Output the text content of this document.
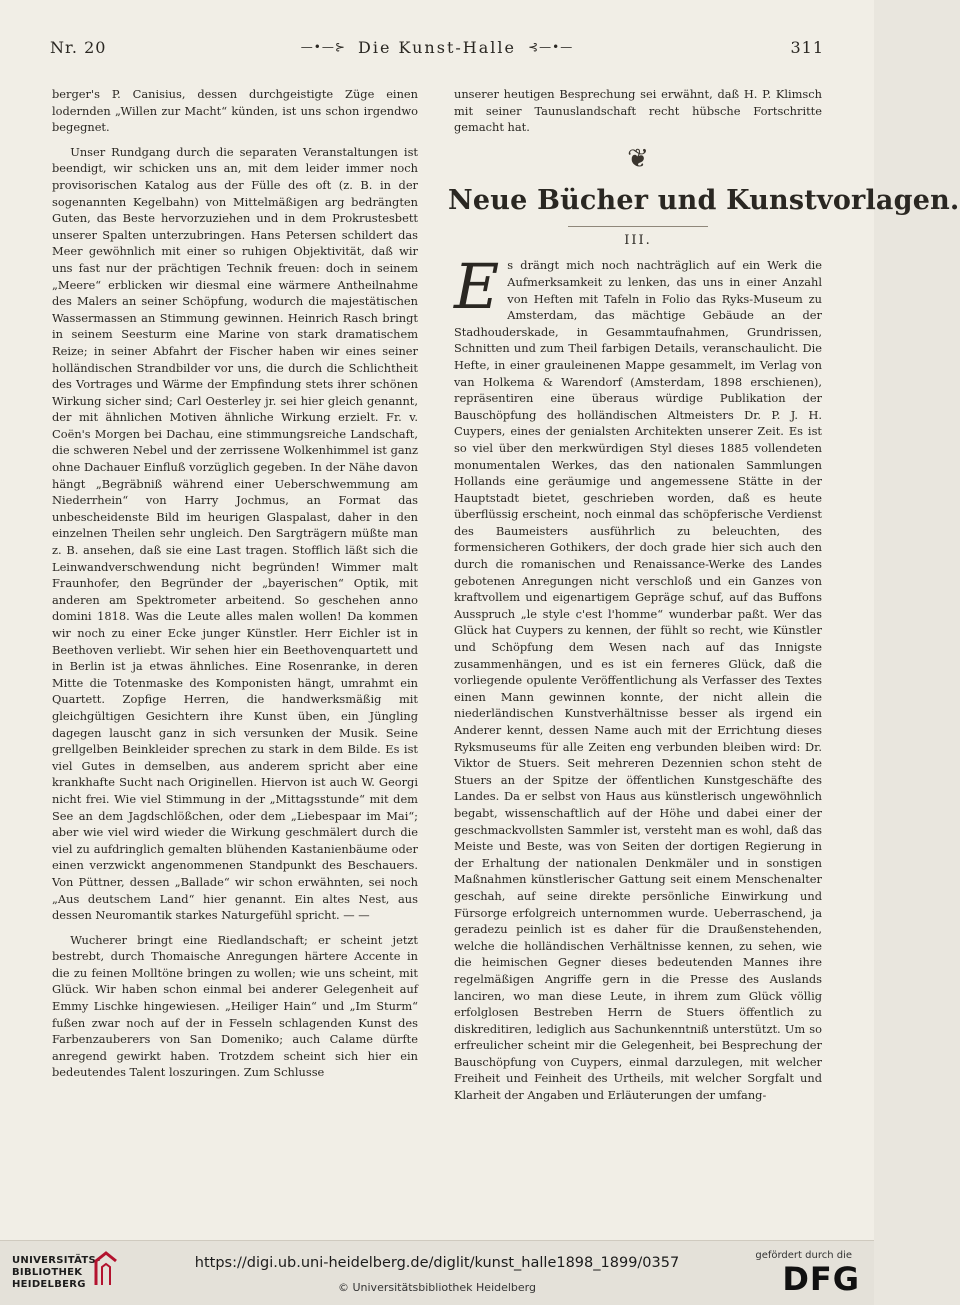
Nr. 20	—•—⊱ Die Kunst-Halle ⊰—•—	311

berger's P. Canisius, dessen durchgeistigte Züge einen lodernden „Willen zur Macht“ künden, ist uns schon irgendwo begegnet.

Unser Rundgang durch die separaten Veranstaltungen ist beendigt, wir schicken uns an, mit dem leider immer noch provisorischen Katalog aus der Fülle des oft (z. B. in der sogenannten Kegelbahn) von Mittelmäßigen arg bedrängten Guten, das Beste hervorzuziehen und in dem Prokrustesbett unserer Spalten unterzubringen. Hans Petersen schildert das Meer gewöhnlich mit einer so ruhigen Objektivität, daß wir uns fast nur der prächtigen Technik freuen: doch in seinem „Meere“ erblicken wir diesmal eine wärmere Antheilnahme des Malers an seiner Schöpfung, wodurch die majestätischen Wassermassen an Stimmung gewinnen. Heinrich Rasch bringt in seinem Seesturm eine Marine von stark dramatischem Reize; in seiner Abfahrt der Fischer haben wir eines seiner holländischen Strandbilder vor uns, die durch die Schlichtheit des Vortrages und Wärme der Empfindung stets ihrer schönen Wirkung sicher sind; Carl Oesterley jr. sei hier gleich genannt, der mit ähnlichen Motiven ähnliche Wirkung erzielt. Fr. v. Coën's Morgen bei Dachau, eine stimmungsreiche Landschaft, die schweren Nebel und der zerrissene Wolkenhimmel ist ganz ohne Dachauer Einfluß vorzüglich gegeben. In der Nähe davon hängt „Begräbniß während einer Ueberschwemmung am Niederrhein“ von Harry Jochmus, an Format das unbescheidenste Bild im heurigen Glaspalast, daher in den einzelnen Theilen sehr ungleich. Den Sargträgern müßte man z. B. ansehen, daß sie eine Last tragen. Stofflich läßt sich die Leinwandverschwendung nicht begründen! Wimmer malt Fraunhofer, den Begründer der „bayerischen“ Optik, mit anderen am Spektrometer arbeitend. So geschehen anno domini 1818. Was die Leute alles malen wollen! Da kommen wir noch zu einer Ecke junger Künstler. Herr Eichler ist in Beethoven verliebt. Wir sehen hier ein Beethovenquartett und in Berlin ist ja etwas ähnliches. Eine Rosenranke, in deren Mitte die Totenmaske des Komponisten hängt, umrahmt ein Quartett. Zopfige Herren, die handwerksmäßig mit gleichgültigen Gesichtern ihre Kunst üben, ein Jüngling dagegen lauscht ganz in sich versunken der Musik. Seine grellgelben Beinkleider sprechen zu stark in dem Bilde. Es ist viel Gutes in demselben, aus anderem spricht aber eine krankhafte Sucht nach Originellen. Hiervon ist auch W. Georgi nicht frei. Wie viel Stimmung in der „Mittagsstunde“ mit dem See an dem Jagdschlößchen, oder dem „Liebespaar im Mai“; aber wie viel wird wieder die Wirkung geschmälert durch die viel zu aufdringlich gemalten blühenden Kastanienbäume oder einen verzwickt angenommenen Standpunkt des Beschauers. Von Püttner, dessen „Ballade“ wir schon erwähnten, sei noch „Aus deutschem Land“ hier genannt. Ein altes Nest, aus dessen Neuromantik starkes Naturgefühl spricht. — —

Wucherer bringt eine Riedlandschaft; er scheint jetzt bestrebt, durch Thomaische Anregungen härtere Accente in die zu feinen Molltöne bringen zu wollen; wie uns scheint, mit Glück. Wir haben schon einmal bei anderer Gelegenheit auf Emmy Lischke hingewiesen. „Heiliger Hain“ und „Im Sturm“ fußen zwar noch auf der in Fesseln schlagenden Kunst des Farbenzauberers von San Domeniko; auch Calame dürfte anregend gewirkt haben. Trotzdem scheint sich hier ein bedeutendes Talent loszuringen. Zum Schlusse

unserer heutigen Besprechung sei erwähnt, daß H. P. Klimsch mit seiner Taunuslandschaft recht hübsche Fortschritte gemacht hat.

❦
Neue Bücher und Kunstvorlagen.
III.

Es drängt mich noch nachträglich auf ein Werk die Aufmerksamkeit zu lenken, das uns in einer Anzahl von Heften mit Tafeln in Folio das Ryks-Museum zu Amsterdam, das mächtige Gebäude an der Stadhouderskade, in Gesammtaufnahmen, Grundrissen, Schnitten und zum Theil farbigen Details, veranschaulicht. Die Hefte, in einer grauleinenen Mappe gesammelt, im Verlag von van Holkema & Warendorf (Amsterdam, 1898 erschienen), repräsentiren eine überaus würdige Publikation der Bauschöpfung des holländischen Altmeisters Dr. P. J. H. Cuypers, eines der genialsten Architekten unserer Zeit. Es ist so viel über den merkwürdigen Styl dieses 1885 vollendeten monumentalen Werkes, das den nationalen Sammlungen Hollands eine geräumige und angemessene Stätte in der Hauptstadt bietet, geschrieben worden, daß es heute überflüssig erscheint, noch einmal das schöpferische Verdienst des Baumeisters ausführlich zu beleuchten, des formensicheren Gothikers, der doch grade hier sich auch den durch die romanischen und Renaissance-Werke des Landes gebotenen Anregungen nicht verschloß und ein Ganzes von kraftvollem und eigenartigem Gepräge schuf, auf das Buffons Ausspruch „le style c'est l'homme“ wunderbar paßt. Wer das Glück hat Cuypers zu kennen, der fühlt so recht, wie Künstler und Schöpfung dem Wesen nach auf das Innigste zusammenhängen, und es ist ein ferneres Glück, daß die vorliegende opulente Veröffentlichung als Verfasser des Textes einen Mann gewinnen konnte, der nicht allein die niederländischen Kunstverhältnisse besser als irgend ein Anderer kennt, dessen Name auch mit der Errichtung dieses Ryksmuseums für alle Zeiten eng verbunden bleiben wird: Dr. Viktor de Stuers. Seit mehreren Dezennien schon steht de Stuers an der Spitze der öffentlichen Kunstgeschäfte des Landes. Da er selbst von Haus aus künstlerisch ungewöhnlich begabt, wissenschaftlich auf der Höhe und dabei einer der geschmackvollsten Sammler ist, versteht man es wohl, daß das Meiste und Beste, was von Seiten der dortigen Regierung in der Erhaltung der nationalen Denkmäler und in sonstigen Maßnahmen künstlerischer Gattung seit einem Menschenalter geschah, auf seine direkte persönliche Einwirkung und Fürsorge erfolgreich unternommen wurde. Ueberraschend, ja geradezu peinlich ist es daher für die Draußenstehenden, welche die holländischen Verhältnisse kennen, zu sehen, wie die heimischen Gegner dieses bedeutenden Mannes ihre regelmäßigen Angriffe gern in die Presse des Auslands lanciren, wo man diese Leute, in ihrem zum Glück völlig erfolglosen Bestreben Herrn de Stuers öffentlich zu diskreditiren, lediglich aus Sachunkenntniß unterstützt. Um so erfreulicher scheint mir die Gelegenheit, bei Besprechung der Bauschöpfung von Cuypers, einmal darzulegen, mit welcher Freiheit und Feinheit des Urtheils, mit welcher Sorgfalt und Klarheit der Angaben und Erläuterungen der umfang-

UNIVERSITÄTS-
BIBLIOTHEK
HEIDELBERG
https://digi.ub.uni-heidelberg.de/diglit/kunst_halle1898_1899/0357
© Universitätsbibliothek Heidelberg
gefördert durch die
DFG
